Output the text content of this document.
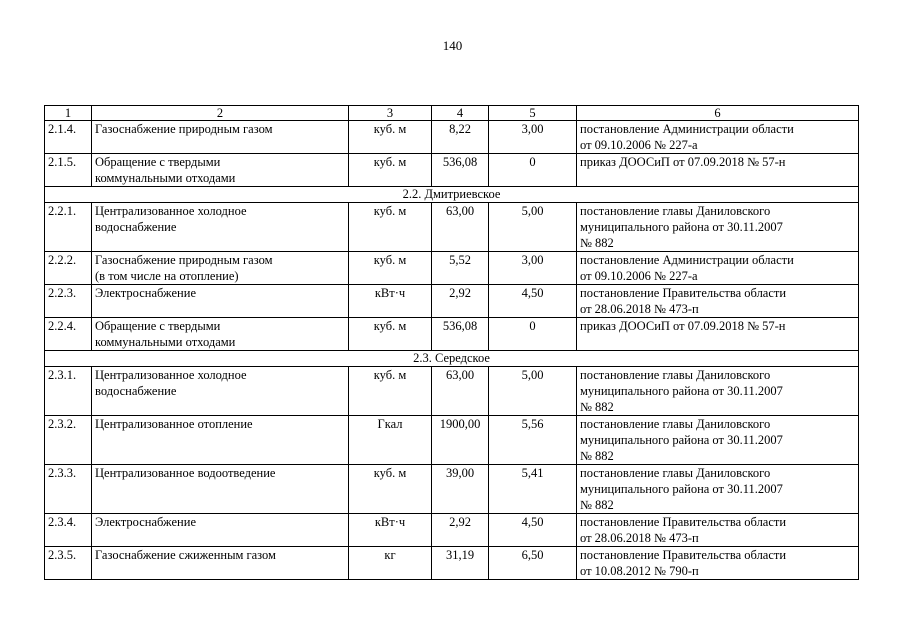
140
1	2	3	4	5	6
2.1.4.	Газоснабжение природным газом	куб. м	8,22	3,00	постановление Администрации области
от 09.10.2006 № 227-а

2.1.5.	Обращение с твердыми
коммунальными отходами	куб. м	536,08	0	приказ ДООСиП от 07.09.2018 № 57-н

2.2. Дмитриевское					
2.2.1.	Централизованное холодное
водоснабжение	куб. м	63,00	5,00	постановление главы Даниловского
муниципального района от 30.11.2007
№ 882

2.2.2.	Газоснабжение природным газом
(в том числе на отопление)	куб. м	5,52	3,00	постановление Администрации области
от 09.10.2006 № 227-а

2.2.3.	Электроснабжение	кВт·ч	2,92	4,50	постановление Правительства области
от 28.06.2018 № 473-п

2.2.4.	Обращение с твердыми
коммунальными отходами	куб. м	536,08	0	приказ ДООСиП от 07.09.2018 № 57-н

2.3. Середское					
2.3.1.	Централизованное холодное
водоснабжение	куб. м	63,00	5,00	постановление главы Даниловского
муниципального района от 30.11.2007
№ 882

2.3.2.	Централизованное отопление	Гкал	1900,00	5,56	постановление главы Даниловского
муниципального района от 30.11.2007
№ 882

2.3.3.	Централизованное водоотведение	куб. м	39,00	5,41	постановление главы Даниловского
муниципального района от 30.11.2007
№ 882

2.3.4.	Электроснабжение	кВт·ч	2,92	4,50	постановление Правительства области
от 28.06.2018 № 473-п

2.3.5.	Газоснабжение сжиженным газом	кг	31,19	6,50	постановление Правительства области
от 10.08.2012 № 790-п
